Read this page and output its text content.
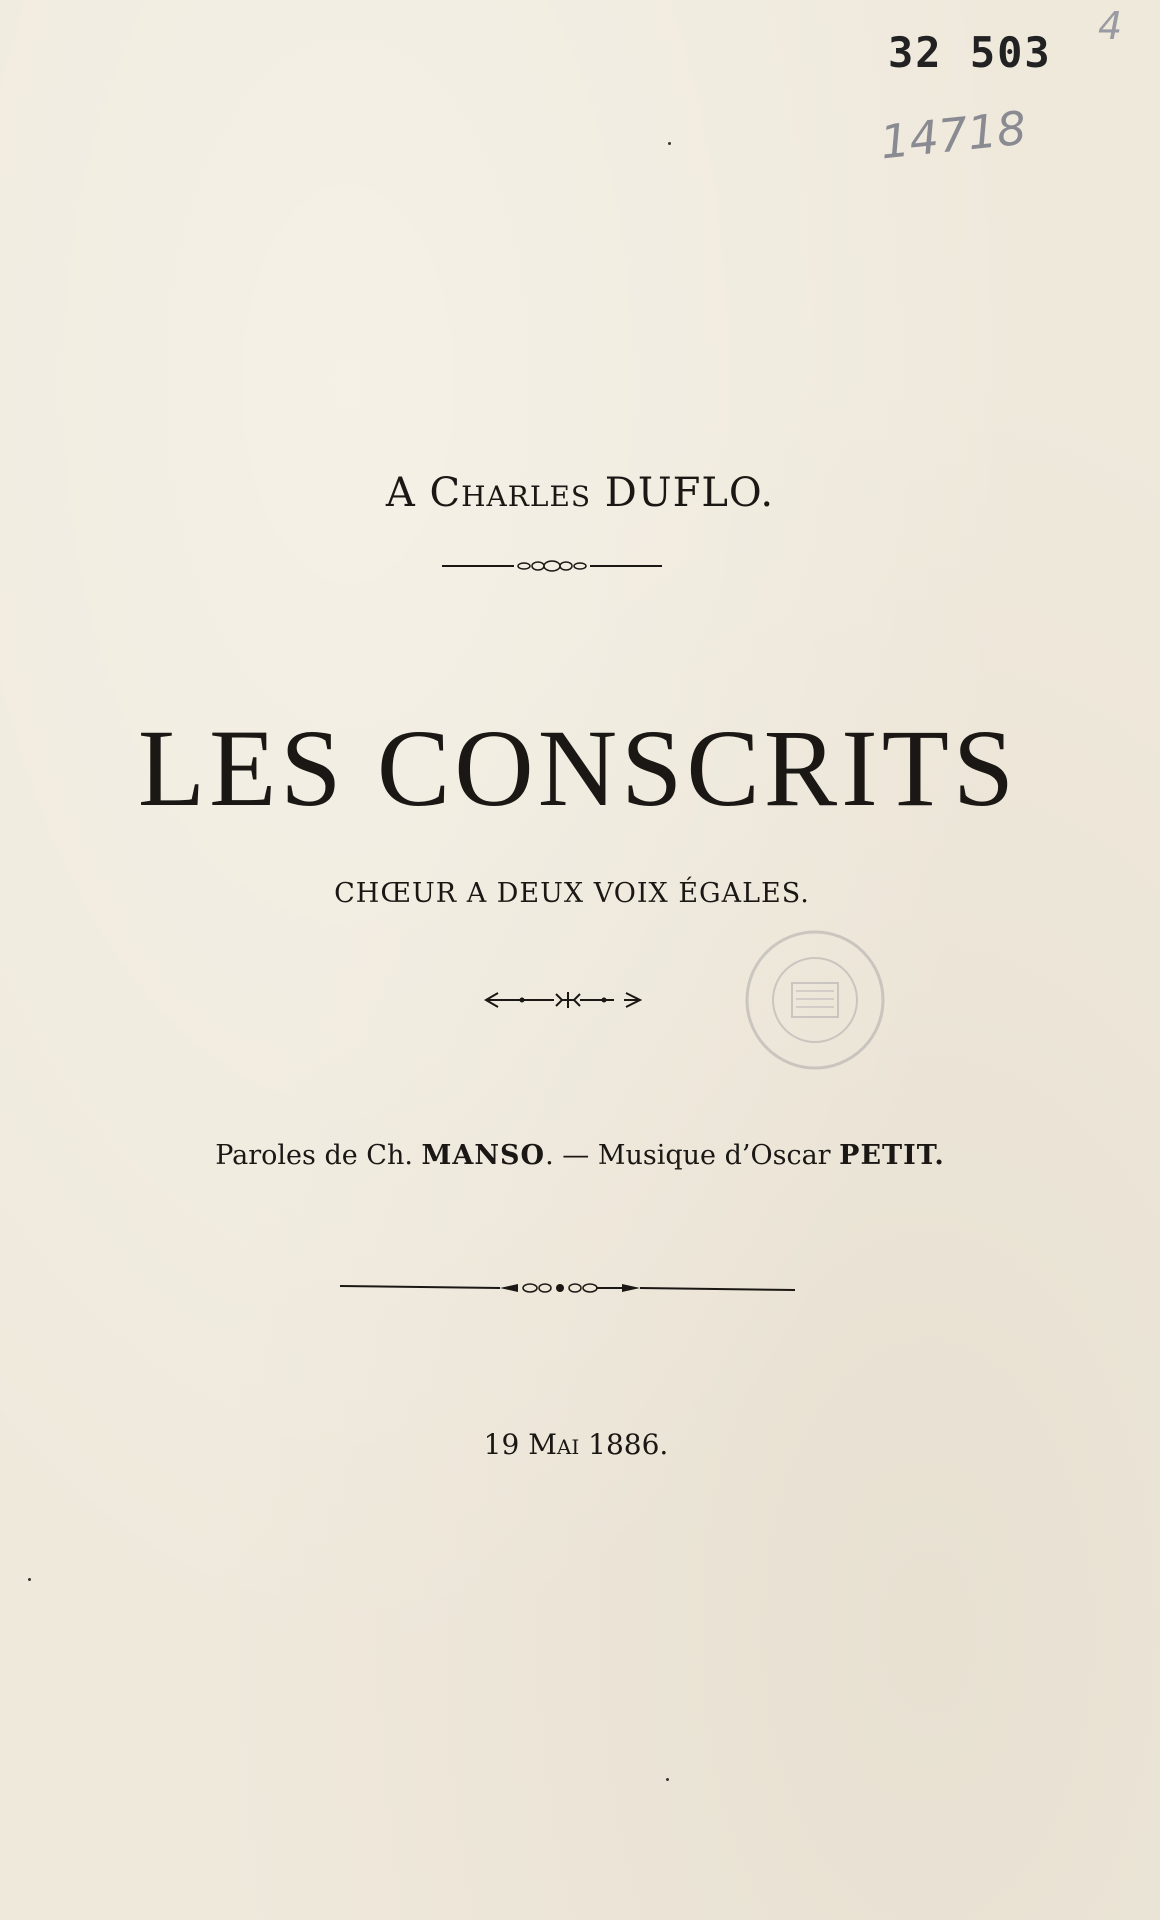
4
32 503
14718
A Charles DUFLO.
LES CONSCRITS
CHŒUR A DEUX VOIX ÉGALES.
Paroles de Ch. MANSO. — Musique d’Oscar PETIT.
19 Mai 1886.
